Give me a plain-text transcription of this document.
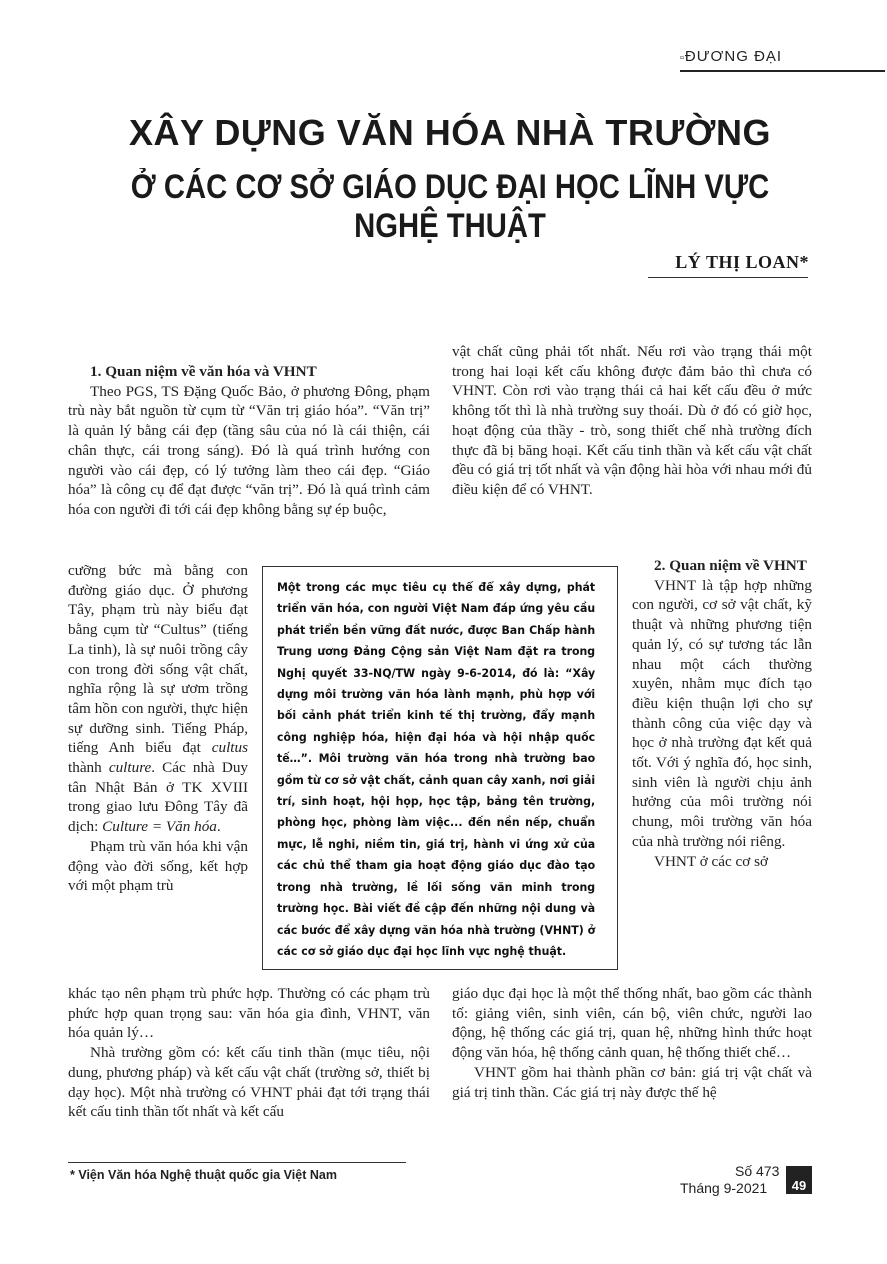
▫ĐƯƠNG ĐẠI
XÂY DỰNG VĂN HÓA NHÀ TRƯỜNG
Ở CÁC CƠ SỞ GIÁO DỤC ĐẠI HỌC LĨNH VỰC NGHỆ THUẬT
LÝ THỊ LOAN*
1. Quan niệm về văn hóa và VHNT

Theo PGS, TS Đặng Quốc Bảo, ở phương Đông, phạm trù này bắt nguồn từ cụm từ “Văn trị giáo hóa”. “Văn trị” là quản lý bằng cái đẹp (tầng sâu của nó là cái thiện, cái chân thực, cái trong sáng). Đó là quá trình hướng con người vào cái đẹp, có lý tưởng làm theo cái đẹp. “Giáo hóa” là công cụ để đạt được “văn trị”. Đó là quá trình cảm hóa con người đi tới cái đẹp không bằng sự ép buộc,

cưỡng bức mà bằng con đường giáo dục. Ở phương Tây, phạm trù này biểu đạt bằng cụm từ “Cultus” (tiếng La tinh), là sự nuôi trồng cây con trong đời sống vật chất, nghĩa rộng là sự ươm trồng tâm hồn con người, thực hiện sự dưỡng sinh. Tiếng Pháp, tiếng Anh biểu đạt cultus thành culture. Các nhà Duy tân Nhật Bản ở TK XVIII trong giao lưu Đông Tây đã dịch: Culture = Văn hóa.

Phạm trù văn hóa khi vận động vào đời sống, kết hợp với một phạm trù

khác tạo nên phạm trù phức hợp. Thường có các phạm trù phức hợp quan trọng sau: văn hóa gia đình, VHNT, văn hóa quản lý…

Nhà trường gồm có: kết cấu tinh thần (mục tiêu, nội dung, phương pháp) và kết cấu vật chất (trường sở, thiết bị dạy học). Một nhà trường có VHNT phải đạt tới trạng thái kết cấu tinh thần tốt nhất và kết cấu

vật chất cũng phải tốt nhất. Nếu rơi vào trạng thái một trong hai loại kết cấu không được đảm bảo thì chưa có VHNT. Còn rơi vào trạng thái cả hai kết cấu đều ở mức không tốt thì là nhà trường suy thoái. Dù ở đó có giờ học, hoạt động của thầy - trò, song thiết chế nhà trường đích thực đã bị băng hoại. Kết cấu tinh thần và kết cấu vật chất đều có giá trị tốt nhất và vận động hài hòa với nhau mới đủ điều kiện để có VHNT.

2. Quan niệm về VHNT

VHNT là tập hợp những con người, cơ sở vật chất, kỹ thuật và những phương tiện quản lý, có sự tương tác lẫn nhau một cách thường xuyên, nhằm mục đích tạo điều kiện thuận lợi cho sự thành công của việc dạy và học ở nhà trường đạt kết quả tốt. Với ý nghĩa đó, học sinh, sinh viên là người chịu ảnh hưởng của môi trường nói chung, môi trường văn hóa của nhà trường nói riêng.

VHNT ở các cơ sở

giáo dục đại học là một thể thống nhất, bao gồm các thành tố: giảng viên, sinh viên, cán bộ, viên chức, người lao động, hệ thống các giá trị, quan hệ, những hình thức hoạt động văn hóa, hệ thống cảnh quan, hệ thống thiết chế…

VHNT gồm hai thành phần cơ bản: giá trị vật chất và giá trị tinh thần. Các giá trị này được thế hệ

Một trong các mục tiêu cụ thể để xây dựng, phát triển văn hóa, con người Việt Nam đáp ứng yêu cầu phát triển bền vững đất nước, được Ban Chấp hành Trung ương Đảng Cộng sản Việt Nam đặt ra trong Nghị quyết 33-NQ/TW ngày 9-6-2014, đó là: “Xây dựng môi trường văn hóa lành mạnh, phù hợp với bối cảnh phát triển kinh tế thị trường, đẩy mạnh công nghiệp hóa, hiện đại hóa và hội nhập quốc tế…”. Môi trường văn hóa trong nhà trường bao gồm từ cơ sở vật chất, cảnh quan cây xanh, nơi giải trí, sinh hoạt, hội họp, học tập, bảng tên trường, phòng học, phòng làm việc... đến nền nếp, chuẩn mực, lễ nghi, niềm tin, giá trị, hành vi ứng xử của các chủ thể tham gia hoạt động giáo dục đào tạo trong nhà trường, lề lối sống văn minh trong trường học. Bài viết đề cập đến những nội dung và các bước để xây dựng văn hóa nhà trường (VHNT) ở các cơ sở giáo dục đại học lĩnh vực nghệ thuật.
* Viện Văn hóa Nghệ thuật quốc gia Việt Nam	Số 473
Tháng 9-2021	49
